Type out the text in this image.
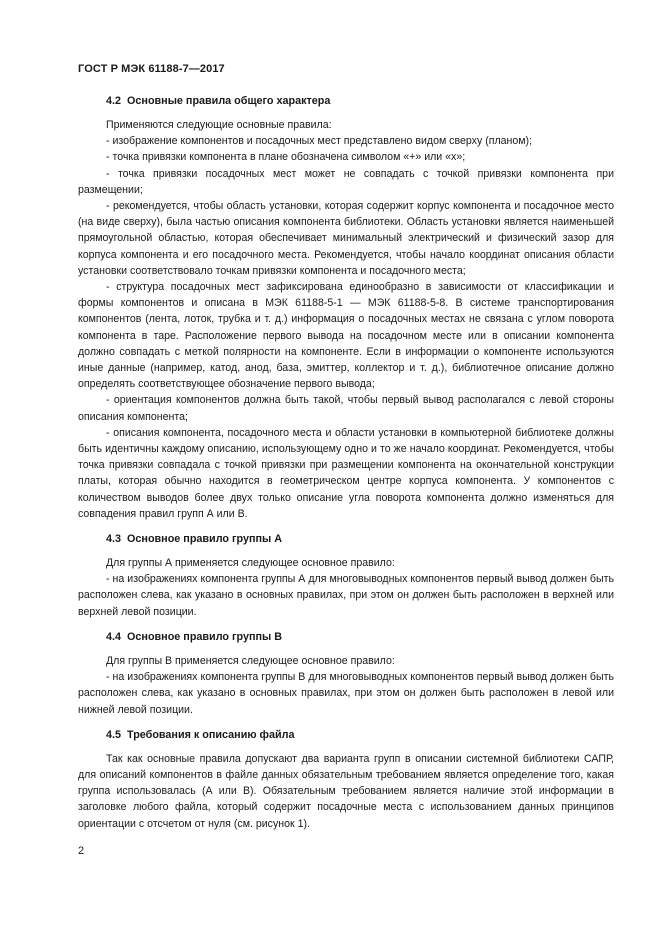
ГОСТ Р МЭК 61188-7—2017
4.2 Основные правила общего характера

Применяются следующие основные правила:

- изображение компонентов и посадочных мест представлено видом сверху (планом);

- точка привязки компонента в плане обозначена символом «+» или «x»;

- точка привязки посадочных мест может не совпадать с точкой привязки компонента при размещении;

- рекомендуется, чтобы область установки, которая содержит корпус компонента и посадочное место (на виде сверху), была частью описания компонента библиотеки. Область установки является наименьшей прямоугольной областью, которая обеспечивает минимальный электрический и физический зазор для корпуса компонента и его посадочного места. Рекомендуется, чтобы начало координат описания области установки соответствовало точкам привязки компонента и посадочного места;

- структура посадочных мест зафиксирована единообразно в зависимости от классификации и формы компонентов и описана в МЭК 61188-5-1 — МЭК 61188-5-8. В системе транспортирования компонентов (лента, лоток, трубка и т. д.) информация о посадочных местах не связана с углом поворота компонента в таре. Расположение первого вывода на посадочном месте или в описании компонента должно совпадать с меткой полярности на компоненте. Если в информации о компоненте используются иные данные (например, катод, анод, база, эмиттер, коллектор и т. д.), библиотечное описание должно определять соответствующее обозначение первого вывода;

- ориентация компонентов должна быть такой, чтобы первый вывод располагался с левой стороны описания компонента;

- описания компонента, посадочного места и области установки в компьютерной библиотеке должны быть идентичны каждому описанию, использующему одно и то же начало координат. Рекомендуется, чтобы точка привязки совпадала с точкой привязки при размещении компонента на окончательной конструкции платы, которая обычно находится в геометрическом центре корпуса компонента. У компонентов с количеством выводов более двух только описание угла поворота компонента должно изменяться для совпадения правил групп А или В.

4.3 Основное правило группы А

Для группы А применяется следующее основное правило:

- на изображениях компонента группы А для многовыводных компонентов первый вывод должен быть расположен слева, как указано в основных правилах, при этом он должен быть расположен в верхней или верхней левой позиции.

4.4 Основное правило группы В

Для группы В применяется следующее основное правило:

- на изображениях компонента группы В для многовыводных компонентов первый вывод должен быть расположен слева, как указано в основных правилах, при этом он должен быть расположен в левой или нижней левой позиции.

4.5 Требования к описанию файла

Так как основные правила допускают два варианта групп в описании системной библиотеки САПР, для описаний компонентов в файле данных обязательным требованием является определение того, какая группа использовалась (А или В). Обязательным требованием является наличие этой информации в заголовке любого файла, который содержит посадочные места с использованием данных принципов ориентации с отсчетом от нуля (см. рисунок 1).

2
